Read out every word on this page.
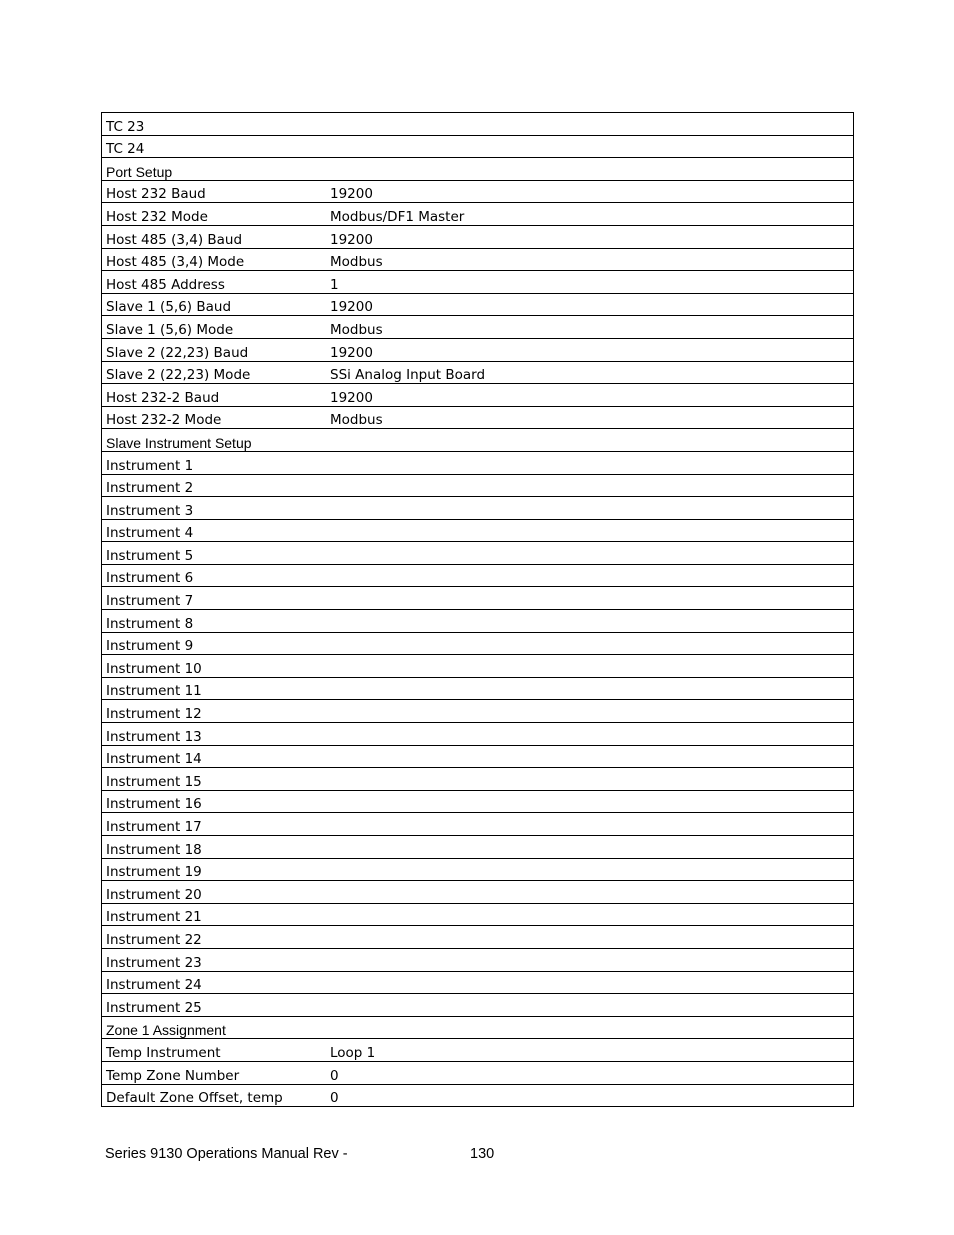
TC 23	
TC 24	
Port Setup	
Host 232 Baud	19200
Host 232 Mode	Modbus/DF1 Master
Host 485 (3,4) Baud	19200
Host 485 (3,4) Mode	Modbus
Host 485 Address	1
Slave 1 (5,6) Baud	19200
Slave 1 (5,6) Mode	Modbus
Slave 2 (22,23) Baud	19200
Slave 2 (22,23) Mode	SSi Analog Input Board
Host 232-2 Baud	19200
Host 232-2 Mode	Modbus
Slave Instrument Setup	
Instrument 1	
Instrument 2	
Instrument 3	
Instrument 4	
Instrument 5	
Instrument 6	
Instrument 7	
Instrument 8	
Instrument 9	
Instrument 10	
Instrument 11	
Instrument 12	
Instrument 13	
Instrument 14	
Instrument 15	
Instrument 16	
Instrument 17	
Instrument 18	
Instrument 19	
Instrument 20	
Instrument 21	
Instrument 22	
Instrument 23	
Instrument 24	
Instrument 25	
Zone 1 Assignment	
Temp Instrument	Loop 1
Temp Zone Number	0
Default Zone Offset, temp	0
Series 9130 Operations Manual Rev -	130
